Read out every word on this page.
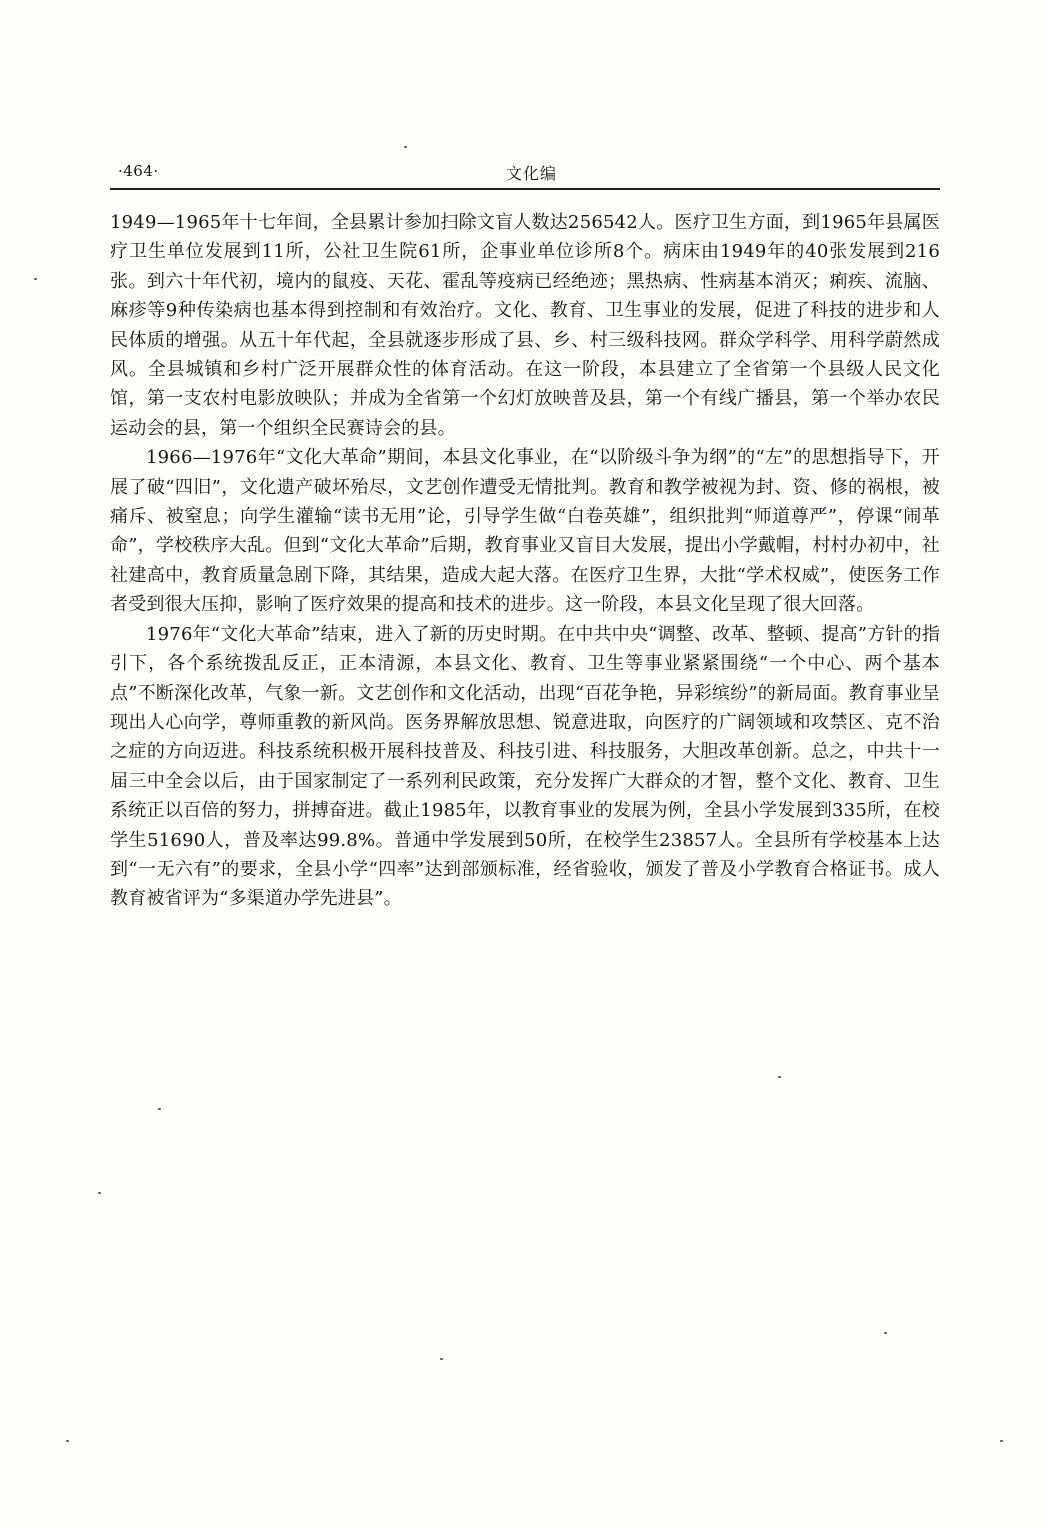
·464·	文化编

1949—1965年十七年间，全县累计参加扫除文盲人数达256542人。医疗卫生方面，到1965年县属医疗卫生单位发展到11所，公社卫生院61所，企事业单位诊所8个。病床由1949年的40张发展到216张。到六十年代初，境内的鼠疫、天花、霍乱等疫病已经绝迹；黑热病、性病基本消灭；痢疾、流脑、麻疹等9种传染病也基本得到控制和有效治疗。文化、教育、卫生事业的发展，促进了科技的进步和人民体质的增强。从五十年代起，全县就逐步形成了县、乡、村三级科技网。群众学科学、用科学蔚然成风。全县城镇和乡村广泛开展群众性的体育活动。在这一阶段，本县建立了全省第一个县级人民文化馆，第一支农村电影放映队；并成为全省第一个幻灯放映普及县，第一个有线广播县，第一个举办农民运动会的县，第一个组织全民赛诗会的县。

1966—1976年“文化大革命”期间，本县文化事业，在“以阶级斗争为纲”的“左”的思想指导下，开展了破“四旧”，文化遗产破坏殆尽，文艺创作遭受无情批判。教育和教学被视为封、资、修的祸根，被痛斥、被窒息；向学生灌输“读书无用”论，引导学生做“白卷英雄”，组织批判“师道尊严”，停课“闹革命”，学校秩序大乱。但到“文化大革命”后期，教育事业又盲目大发展，提出小学戴帽，村村办初中，社社建高中，教育质量急剧下降，其结果，造成大起大落。在医疗卫生界，大批“学术权威”，使医务工作者受到很大压抑，影响了医疗效果的提高和技术的进步。这一阶段，本县文化呈现了很大回落。

1976年“文化大革命”结束，进入了新的历史时期。在中共中央“调整、改革、整顿、提高”方针的指引下，各个系统拨乱反正，正本清源，本县文化、教育、卫生等事业紧紧围绕“一个中心、两个基本点”不断深化改革，气象一新。文艺创作和文化活动，出现“百花争艳，异彩缤纷”的新局面。教育事业呈现出人心向学，尊师重教的新风尚。医务界解放思想、锐意进取，向医疗的广阔领域和攻禁区、克不治之症的方向迈进。科技系统积极开展科技普及、科技引进、科技服务，大胆改革创新。总之，中共十一届三中全会以后，由于国家制定了一系列利民政策，充分发挥广大群众的才智，整个文化、教育、卫生系统正以百倍的努力，拼搏奋进。截止1985年，以教育事业的发展为例，全县小学发展到335所，在校学生51690人，普及率达99.8%。普通中学发展到50所，在校学生23857人。全县所有学校基本上达到“一无六有”的要求，全县小学“四率”达到部颁标准，经省验收，颁发了普及小学教育合格证书。成人教育被省评为“多渠道办学先进县”。
